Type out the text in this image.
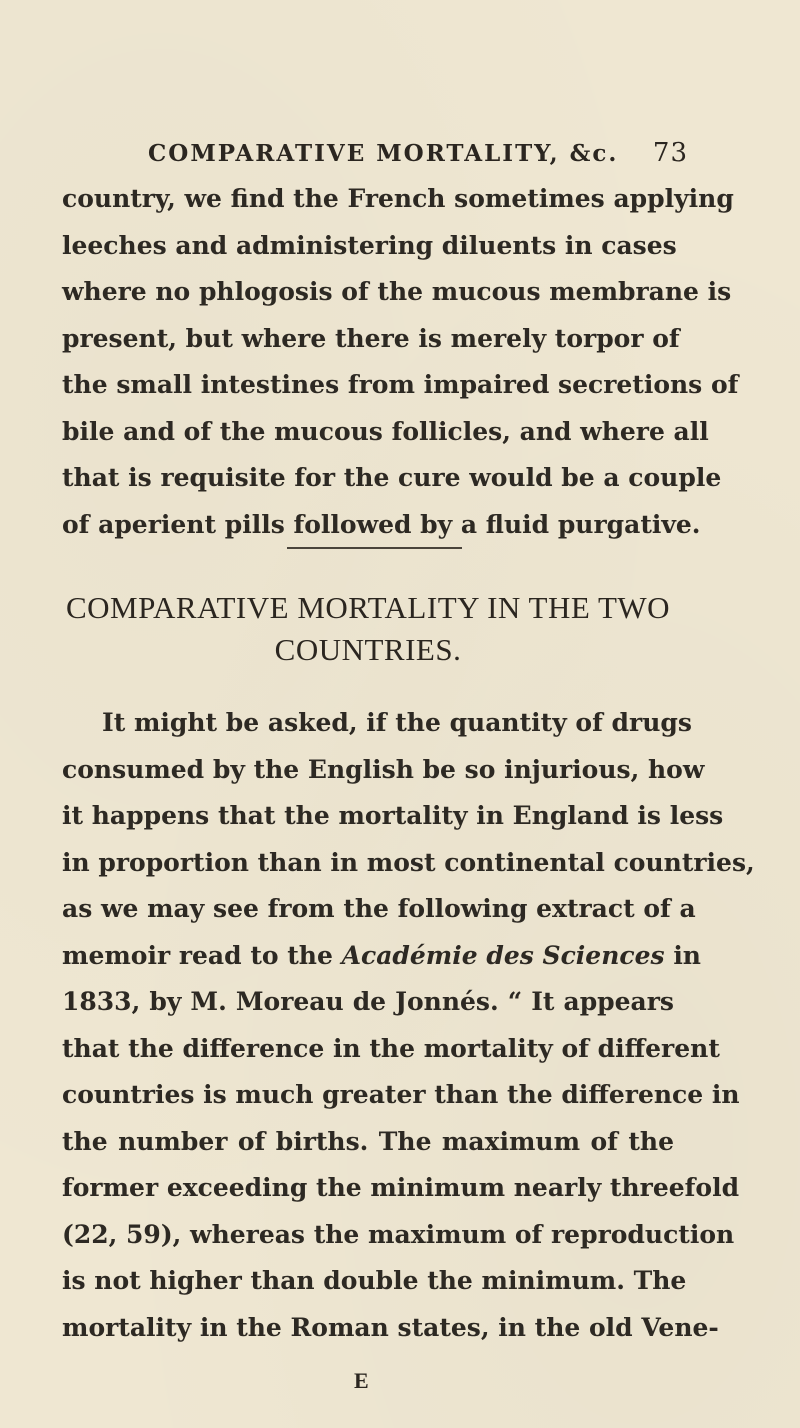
COMPARATIVE MORTALITY, &c. 73
country, we find the French sometimes applying
leeches and administering diluents in cases
where no phlogosis of the mucous membrane is
present, but where there is merely torpor of
the small intestines from impaired secretions of
bile and of the mucous follicles, and where all
that is requisite for the cure would be a couple
of aperient pills followed by a fluid purgative.
COMPARATIVE MORTALITY IN THE TWO
COUNTRIES.
It might be asked, if the quantity of drugs
consumed by the English be so injurious, how
it happens that the mortality in England is less
in proportion than in most continental countries,
as we may see from the following extract of a
memoir read to the Académie des Sciences in
1833, by M. Moreau de Jonnés. “ It appears
that the difference in the mortality of different
countries is much greater than the difference in
the number of births. The maximum of the
former exceeding the minimum nearly threefold
(22, 59), whereas the maximum of reproduction
is not higher than double the minimum. The
mortality in the Roman states, in the old Vene-
E
